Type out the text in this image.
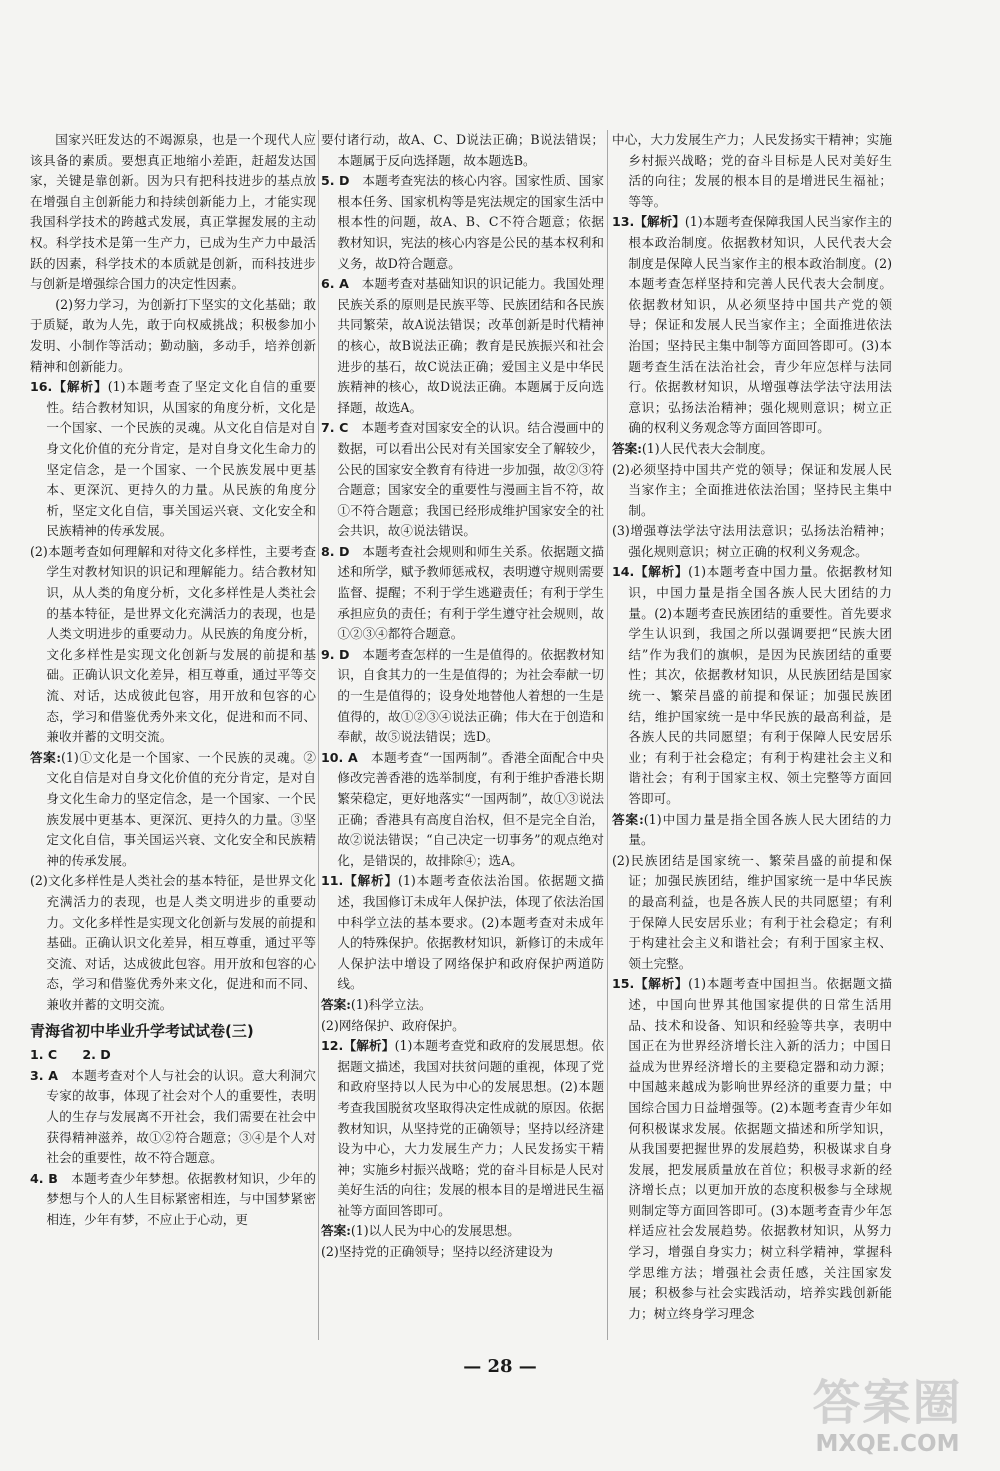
国家兴旺发达的不竭源泉，也是一个现代人应该具备的素质。要想真正地缩小差距，赶超发达国家，关键是靠创新。因为只有把科技进步的基点放在增强自主创新能力和持续创新能力上，才能实现我国科学技术的跨越式发展，真正掌握发展的主动权。科学技术是第一生产力，已成为生产力中最活跃的因素，科学技术的本质就是创新，而科技进步与创新是增强综合国力的决定性因素。

(2)努力学习，为创新打下坚实的文化基础；敢于质疑，敢为人先，敢于向权威挑战；积极参加小发明、小制作等活动；勤动脑，多动手，培养创新精神和创新能力。

16.【解析】(1)本题考查了坚定文化自信的重要性。结合教材知识，从国家的角度分析，文化是一个国家、一个民族的灵魂。从文化自信是对自身文化价值的充分肯定，是对自身文化生命力的坚定信念，是一个国家、一个民族发展中更基本、更深沉、更持久的力量。从民族的角度分析，坚定文化自信，事关国运兴衰、文化安全和民族精神的传承发展。
(2)本题考查如何理解和对待文化多样性，主要考查学生对教材知识的识记和理解能力。结合教材知识，从人类的角度分析，文化多样性是人类社会的基本特征，是世界文化充满活力的表现，也是人类文明进步的重要动力。从民族的角度分析，文化多样性是实现文化创新与发展的前提和基础。正确认识文化差异，相互尊重，通过平等交流、对话，达成彼此包容，用开放和包容的心态，学习和借鉴优秀外来文化，促进和而不同、兼收并蓄的文明交流。
答案:(1)①文化是一个国家、一个民族的灵魂。②文化自信是对自身文化价值的充分肯定，是对自身文化生命力的坚定信念，是一个国家、一个民族发展中更基本、更深沉、更持久的力量。③坚定文化自信，事关国运兴衰、文化安全和民族精神的传承发展。
(2)文化多样性是人类社会的基本特征，是世界文化充满活力的表现，也是人类文明进步的重要动力。文化多样性是实现文化创新与发展的前提和基础。正确认识文化差异，相互尊重，通过平等交流、对话，达成彼此包容。用开放和包容的心态，学习和借鉴优秀外来文化，促进和而不同、兼收并蓄的文明交流。
青海省初中毕业升学考试试卷(三)
1. C　　2. D
3. A　 本题考查对个人与社会的认识。意大利洞穴专家的故事，体现了社会对个人的重要性，表明人的生存与发展离不开社会，我们需要在社会中获得精神滋养，故①②符合题意；③④是个人对社会的重要性，故不符合题意。
4. B　 本题考查少年梦想。依据教材知识，少年的梦想与个人的人生目标紧密相连，与中国梦紧密相连，少年有梦，不应止于心动，更
要付诸行动，故A、C、D说法正确；B说法错误；本题属于反向选择题，故本题选B。
5. D　 本题考查宪法的核心内容。国家性质、国家根本任务、国家机构等是宪法规定的国家生活中根本性的问题，故A、B、C不符合题意；依据教材知识，宪法的核心内容是公民的基本权利和义务，故D符合题意。
6. A　 本题考查对基础知识的识记能力。我国处理民族关系的原则是民族平等、民族团结和各民族共同繁荣，故A说法错误；改革创新是时代精神的核心，故B说法正确；教育是民族振兴和社会进步的基石，故C说法正确；爱国主义是中华民族精神的核心，故D说法正确。本题属于反向选择题，故选A。
7. C　 本题考查对国家安全的认识。结合漫画中的数据，可以看出公民对有关国家安全了解较少，公民的国家安全教育有待进一步加强，故②③符合题意；国家安全的重要性与漫画主旨不符，故①不符合题意；我国已经形成维护国家安全的社会共识，故④说法错误。
8. D　 本题考查社会规则和师生关系。依据题文描述和所学，赋予教师惩戒权，表明遵守规则需要监督、提醒；不利于学生逃避责任；有利于学生承担应负的责任；有利于学生遵守社会规则，故①②③④都符合题意。
9. D　 本题考查怎样的一生是值得的。依据教材知识，自食其力的一生是值得的；为社会奉献一切的一生是值得的；设身处地替他人着想的一生是值得的，故①②③④说法正确；伟大在于创造和奉献，故⑤说法错误；选D。
10. A　 本题考查“一国两制”。香港全面配合中央修改完善香港的选举制度，有利于维护香港长期繁荣稳定，更好地落实“一国两制”，故①③说法正确；香港具有高度自治权，但不是完全自治，故②说法错误；“自己决定一切事务”的观点绝对化，是错误的，故排除④；选A。
11.【解析】(1)本题考查依法治国。依据题文描述，我国修订未成年人保护法，体现了依法治国中科学立法的基本要求。(2)本题考查对未成年人的特殊保护。依据教材知识，新修订的未成年人保护法中增设了网络保护和政府保护两道防线。
答案:(1)科学立法。
(2)网络保护、政府保护。
12.【解析】(1)本题考查党和政府的发展思想。依据题文描述，我国对扶贫问题的重视，体现了党和政府坚持以人民为中心的发展思想。(2)本题考查我国脱贫攻坚取得决定性成就的原因。依据教材知识，从坚持党的正确领导；坚持以经济建设为中心，大力发展生产力；人民发扬实干精神；实施乡村振兴战略；党的奋斗目标是人民对美好生活的向往；发展的根本目的是增进民生福祉等方面回答即可。
答案:(1)以人民为中心的发展思想。
(2)坚持党的正确领导；坚持以经济建设为
中心，大力发展生产力；人民发扬实干精神；实施乡村振兴战略；党的奋斗目标是人民对美好生活的向往；发展的根本目的是增进民生福祉；等等。
13.【解析】(1)本题考查保障我国人民当家作主的根本政治制度。依据教材知识，人民代表大会制度是保障人民当家作主的根本政治制度。(2)本题考查怎样坚持和完善人民代表大会制度。依据教材知识，从必须坚持中国共产党的领导；保证和发展人民当家作主；全面推进依法治国；坚持民主集中制等方面回答即可。(3)本题考查生活在法治社会，青少年应怎样与法同行。依据教材知识，从增强尊法学法守法用法意识；弘扬法治精神；强化规则意识；树立正确的权利义务观念等方面回答即可。
答案:(1)人民代表大会制度。
(2)必须坚持中国共产党的领导；保证和发展人民当家作主；全面推进依法治国；坚持民主集中制。
(3)增强尊法学法守法用法意识；弘扬法治精神；强化规则意识；树立正确的权利义务观念。
14.【解析】(1)本题考查中国力量。依据教材知识，中国力量是指全国各族人民大团结的力量。(2)本题考查民族团结的重要性。首先要求学生认识到，我国之所以强调要把“民族大团结”作为我们的旗帜，是因为民族团结的重要性；其次，依据教材知识，从民族团结是国家统一、繁荣昌盛的前提和保证；加强民族团结，维护国家统一是中华民族的最高利益，是各族人民的共同愿望；有利于保障人民安居乐业；有利于社会稳定；有利于构建社会主义和谐社会；有利于国家主权、领土完整等方面回答即可。
答案:(1)中国力量是指全国各族人民大团结的力量。
(2)民族团结是国家统一、繁荣昌盛的前提和保证；加强民族团结，维护国家统一是中华民族的最高利益，也是各族人民的共同愿望；有利于保障人民安居乐业；有利于社会稳定；有利于构建社会主义和谐社会；有利于国家主权、领土完整。
15.【解析】(1)本题考查中国担当。依据题文描述，中国向世界其他国家提供的日常生活用品、技术和设备、知识和经验等共享，表明中国正在为世界经济增长注入新的活力；中国日益成为世界经济增长的主要稳定器和动力源；中国越来越成为影响世界经济的重要力量；中国综合国力日益增强等。(2)本题考查青少年如何积极谋求发展。依据题文描述和所学知识，从我国要把握世界的发展趋势，积极谋求自身发展，把发展质量放在首位；积极寻求新的经济增长点；以更加开放的态度积极参与全球规则制定等方面回答即可。(3)本题考查青少年怎样适应社会发展趋势。依据教材知识，从努力学习，增强自身实力；树立科学精神，掌握科学思维方法；增强社会责任感，关注国家发展；积极参与社会实践活动，培养实践创新能力；树立终身学习理念
— 28 —
答案圈
MXQE.COM
